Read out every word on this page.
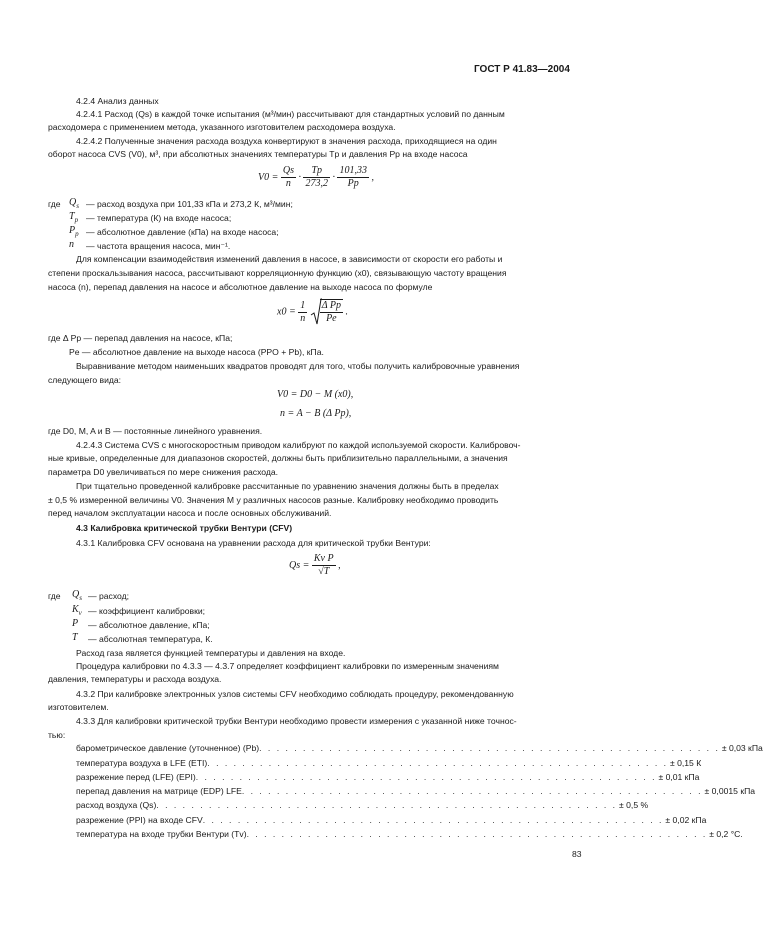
ГОСТ Р 41.83—2004
4.2.4 Анализ данных
4.2.4.1 Расход (Qs) в каждой точке испытания (м³/мин) рассчитывают для стандартных условий по данным
расходомера с применением метода, указанного изготовителем расходомера воздуха.
4.2.4.2 Полученные значения расхода воздуха конвертируют в значения расхода, приходящиеся на один
оборот насоса CVS (V0), м³, при абсолютных значениях температуры Tp и давления Pp на входе насоса
$V0 = \frac{Qs}{n} \cdot \frac{Tp}{273,2} \cdot \frac{101,33}{Pp}$ ,
где $Q_s$ — расход воздуха при 101,33 кПа и 273,2 К, м³/мин;
$T_p$ — температура (К) на входе насоса;
$P_p$ — абсолютное давление (кПа) на входе насоса;
n — частота вращения насоса, мин⁻¹.
Для компенсации взаимодействия изменений давления в насосе, в зависимости от скорости его работы и
степени проскальзывания насоса, рассчитывают корреляционную функцию (x0), связывающую частоту вращения
насоса (n), перепад давления на насосе и абсолютное давление на выходе насоса по формуле
$x0 = \frac{1}{n}$
$\frac{\text{Δ Pp}}{Pe}$ .
где Δ Pp — перепад давления на насосе, кПа;
Pe — абсолютное давление на выходе насоса (PPO + Pb), кПа.
Выравнивание методом наименьших квадратов проводят для того, чтобы получить калибровочные уравнения
следующего вида:
V0 = D0 − M (x0),
n = A − B (Δ Pp),
где D0, M, A и B — постоянные линейного уравнения.
4.2.4.3 Система CVS с многоскоростным приводом калибруют по каждой используемой скорости. Калибровоч-
ные кривые, определенные для диапазонов скоростей, должны быть приблизительно параллельными, а значения
параметра D0 увеличиваться по мере снижения расхода.
При тщательно проведенной калибровке рассчитанные по уравнению значения должны быть в пределах
± 0,5 % измеренной величины V0. Значения M у различных насосов разные. Калибровку необходимо проводить
перед началом эксплуатации насоса и после основных обслуживаний.
4.3 Калибровка критической трубки Вентури (CFV)
4.3.1 Калибровка CFV основана на уравнении расхода для критической трубки Вентури:
$Qs = \frac{\text{Kv P}}{√T}$ ,
где $Q_s$ — расход;
$K_v$ — коэффициент калибровки;
P — абсолютное давление, кПа;
T — абсолютная температура, К.
Расход газа является функцией температуры и давления на входе.
Процедура калибровки по 4.3.3 — 4.3.7 определяет коэффициент калибровки по измеренным значениям
давления, температуры и расхода воздуха.
4.3.2 При калибровке электронных узлов системы CFV необходимо соблюдать процедуру, рекомендованную
изготовителем.
4.3.3 Для калибровки критической трубки Вентури необходимо провести измерения с указанной ниже точнос-
тью:
барометрическое давление (уточненное) (Pb) . . . . . . . . . . . . . . . . . . . . . . . . . . . . . . . . . . . . . . . . . . . . . . . . . . . . . ± 0,03 кПа
температура воздуха в LFE (ETI) . . . . . . . . . . . . . . . . . . . . . . . . . . . . . . . . . . . . . . . . . . . . . . . . . . . . . ± 0,15 К
разрежение перед (LFE) (EPI) . . . . . . . . . . . . . . . . . . . . . . . . . . . . . . . . . . . . . . . . . . . . . . . . . . . . . ± 0,01 кПа
перепад давления на матрице (EDP) LFE . . . . . . . . . . . . . . . . . . . . . . . . . . . . . . . . . . . . . . . . . . . . . . . . . . . . . ± 0,0015 кПа
расход воздуха (Qs) . . . . . . . . . . . . . . . . . . . . . . . . . . . . . . . . . . . . . . . . . . . . . . . . . . . . . ± 0,5 %
разрежение (PPI) на входе CFV . . . . . . . . . . . . . . . . . . . . . . . . . . . . . . . . . . . . . . . . . . . . . . . . . . . . . ± 0,02 кПа
температура на входе трубки Вентури (Tv) . . . . . . . . . . . . . . . . . . . . . . . . . . . . . . . . . . . . . . . . . . . . . . . . . . . . . ± 0,2 °С.
83
